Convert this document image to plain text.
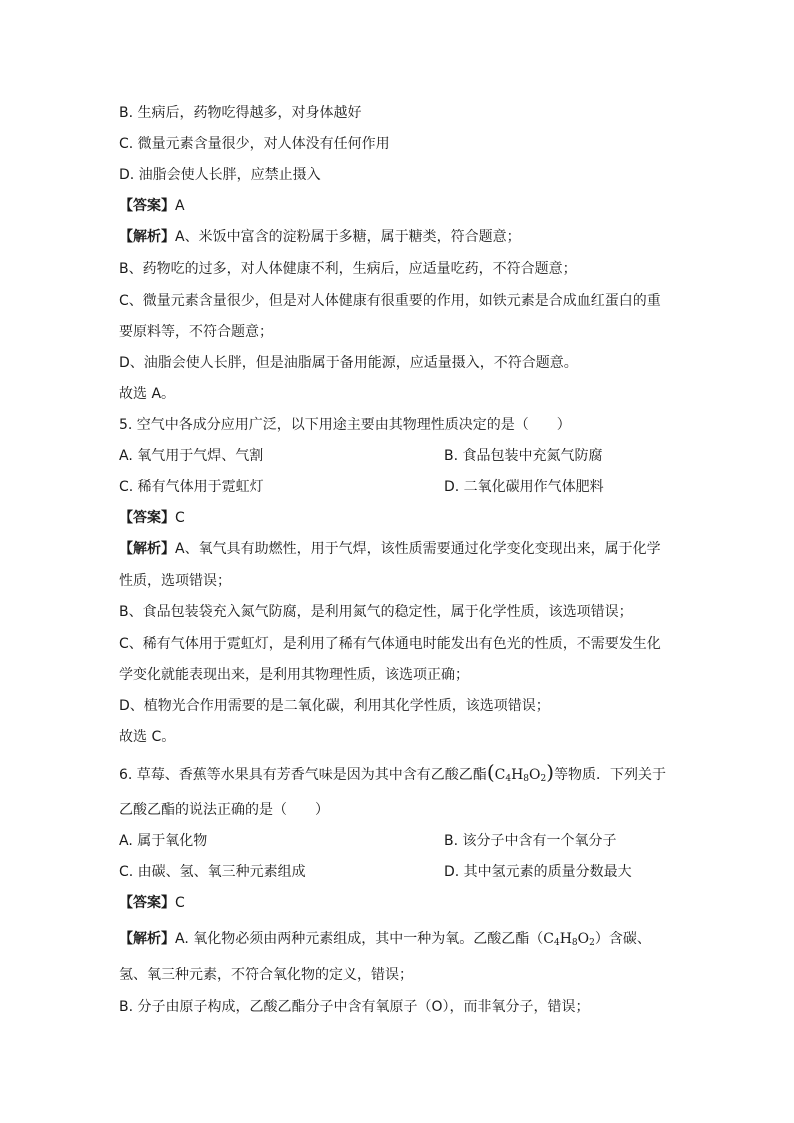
B. 生病后，药物吃得越多，对身体越好
C. 微量元素含量很少，对人体没有任何作用
D. 油脂会使人长胖，应禁止摄入
【答案】A
【解析】A、米饭中富含的淀粉属于多糖，属于糖类，符合题意；
B、药物吃的过多，对人体健康不利，生病后，应适量吃药，不符合题意；
C、微量元素含量很少，但是对人体健康有很重要的作用，如铁元素是合成血红蛋白的重
要原料等，不符合题意；
D、油脂会使人长胖，但是油脂属于备用能源，应适量摄入，不符合题意。
故选 A。
5. 空气中各成分应用广泛，以下用途主要由其物理性质决定的是（　　）
A. 氧气用于气焊、气割	B. 食品包装中充氮气防腐
C. 稀有气体用于霓虹灯	D. 二氧化碳用作气体肥料
【答案】C
【解析】A、氧气具有助燃性，用于气焊，该性质需要通过化学变化变现出来，属于化学
性质，选项错误；
B、食品包装袋充入氮气防腐，是利用氮气的稳定性，属于化学性质，该选项错误；
C、稀有气体用于霓虹灯，是利用了稀有气体通电时能发出有色光的性质，不需要发生化
学变化就能表现出来，是利用其物理性质，该选项正确；
D、植物光合作用需要的是二氧化碳，利用其化学性质，该选项错误；
故选 C。
6. 草莓、香蕉等水果具有芳香气味是因为其中含有乙酸乙酯$(C_4H_8O_2)$等物质．下列关于
乙酸乙酯的说法正确的是（　　）
A. 属于氧化物	B. 该分子中含有一个氧分子
C. 由碳、氢、氧三种元素组成	D. 其中氢元素的质量分数最大
【答案】C
【解析】A. 氧化物必须由两种元素组成，其中一种为氧。乙酸乙酯$(C_4H_8O_2)$含碳、
氢、氧三种元素，不符合氧化物的定义，错误；
B. 分子由原子构成，乙酸乙酯分子中含有氧原子（O），而非氧分子，错误；
